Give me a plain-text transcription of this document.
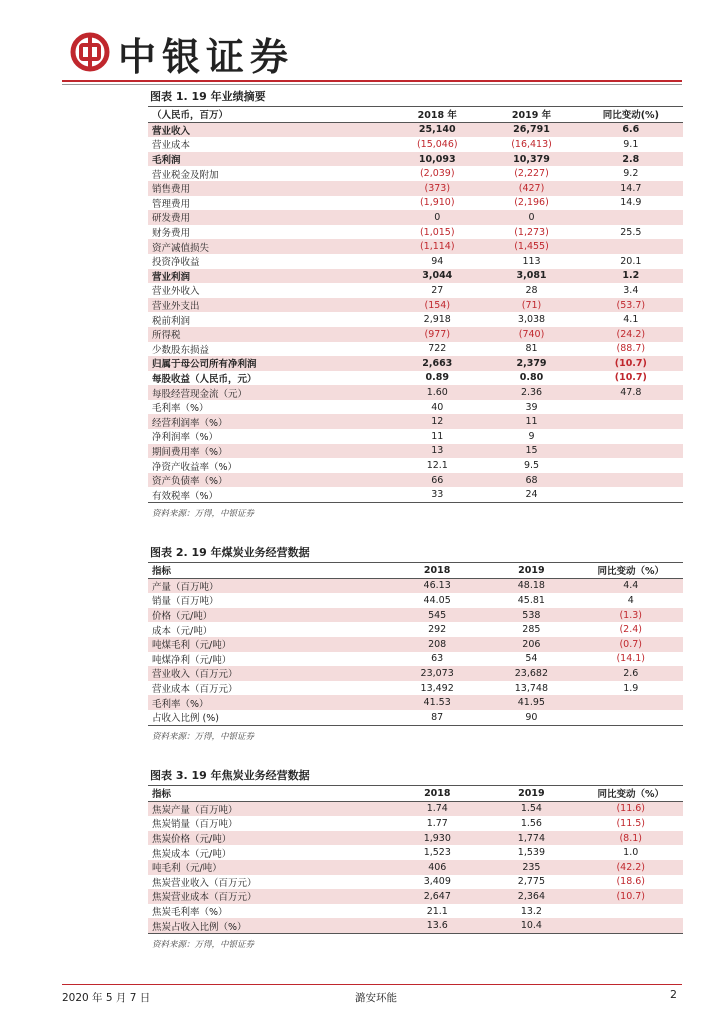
中银证券
图表 1. 19 年业绩摘要
（人民币，百万）	2018 年	2019 年	同比变动(%)
营业收入	25,140	26,791	6.6
营业成本	(15,046)	(16,413)	9.1
毛利润	10,093	10,379	2.8
营业税金及附加	(2,039)	(2,227)	9.2
销售费用	(373)	(427)	14.7
管理费用	(1,910)	(2,196)	14.9
研发费用	0	0	
财务费用	(1,015)	(1,273)	25.5
资产减值损失	(1,114)	(1,455)	
投资净收益	94	113	20.1
营业利润	3,044	3,081	1.2
营业外收入	27	28	3.4
营业外支出	(154)	(71)	(53.7)
税前利润	2,918	3,038	4.1
所得税	(977)	(740)	(24.2)
少数股东损益	722	81	(88.7)
归属于母公司所有净利润	2,663	2,379	(10.7)
每股收益（人民币，元）	0.89	0.80	(10.7)
每股经营现金流（元）	1.60	2.36	47.8
毛利率（%）	40	39	
经营利润率（%）	12	11	
净利润率（%）	11	9	
期间费用率（%）	13	15	
净资产收益率（%）	12.1	9.5	
资产负债率（%）	66	68	
有效税率（%）	33	24	
资料来源：万得，中银证券
图表 2. 19 年煤炭业务经营数据
指标	2018	2019	同比变动（%）
产量（百万吨）	46.13	48.18	4.4
销量（百万吨）	44.05	45.81	4
价格（元/吨）	545	538	(1.3)
成本（元/吨）	292	285	(2.4)
吨煤毛利（元/吨）	208	206	(0.7)
吨煤净利（元/吨）	63	54	(14.1)
营业收入（百万元）	23,073	23,682	2.6
营业成本（百万元）	13,492	13,748	1.9
毛利率（%）	41.53	41.95	
占收入比例 (%)	87	90	
资料来源：万得，中银证券
图表 3. 19 年焦炭业务经营数据
指标	2018	2019	同比变动（%）
焦炭产量（百万吨）	1.74	1.54	(11.6)
焦炭销量（百万吨）	1.77	1.56	(11.5)
焦炭价格（元/吨）	1,930	1,774	(8.1)
焦炭成本（元/吨）	1,523	1,539	1.0
吨毛利（元/吨）	406	235	(42.2)
焦炭营业收入（百万元）	3,409	2,775	(18.6)
焦炭营业成本（百万元）	2,647	2,364	(10.7)
焦炭毛利率（%）	21.1	13.2	
焦炭占收入比例（%）	13.6	10.4	
资料来源：万得，中银证券
2020 年 5 月 7 日	潞安环能	2
